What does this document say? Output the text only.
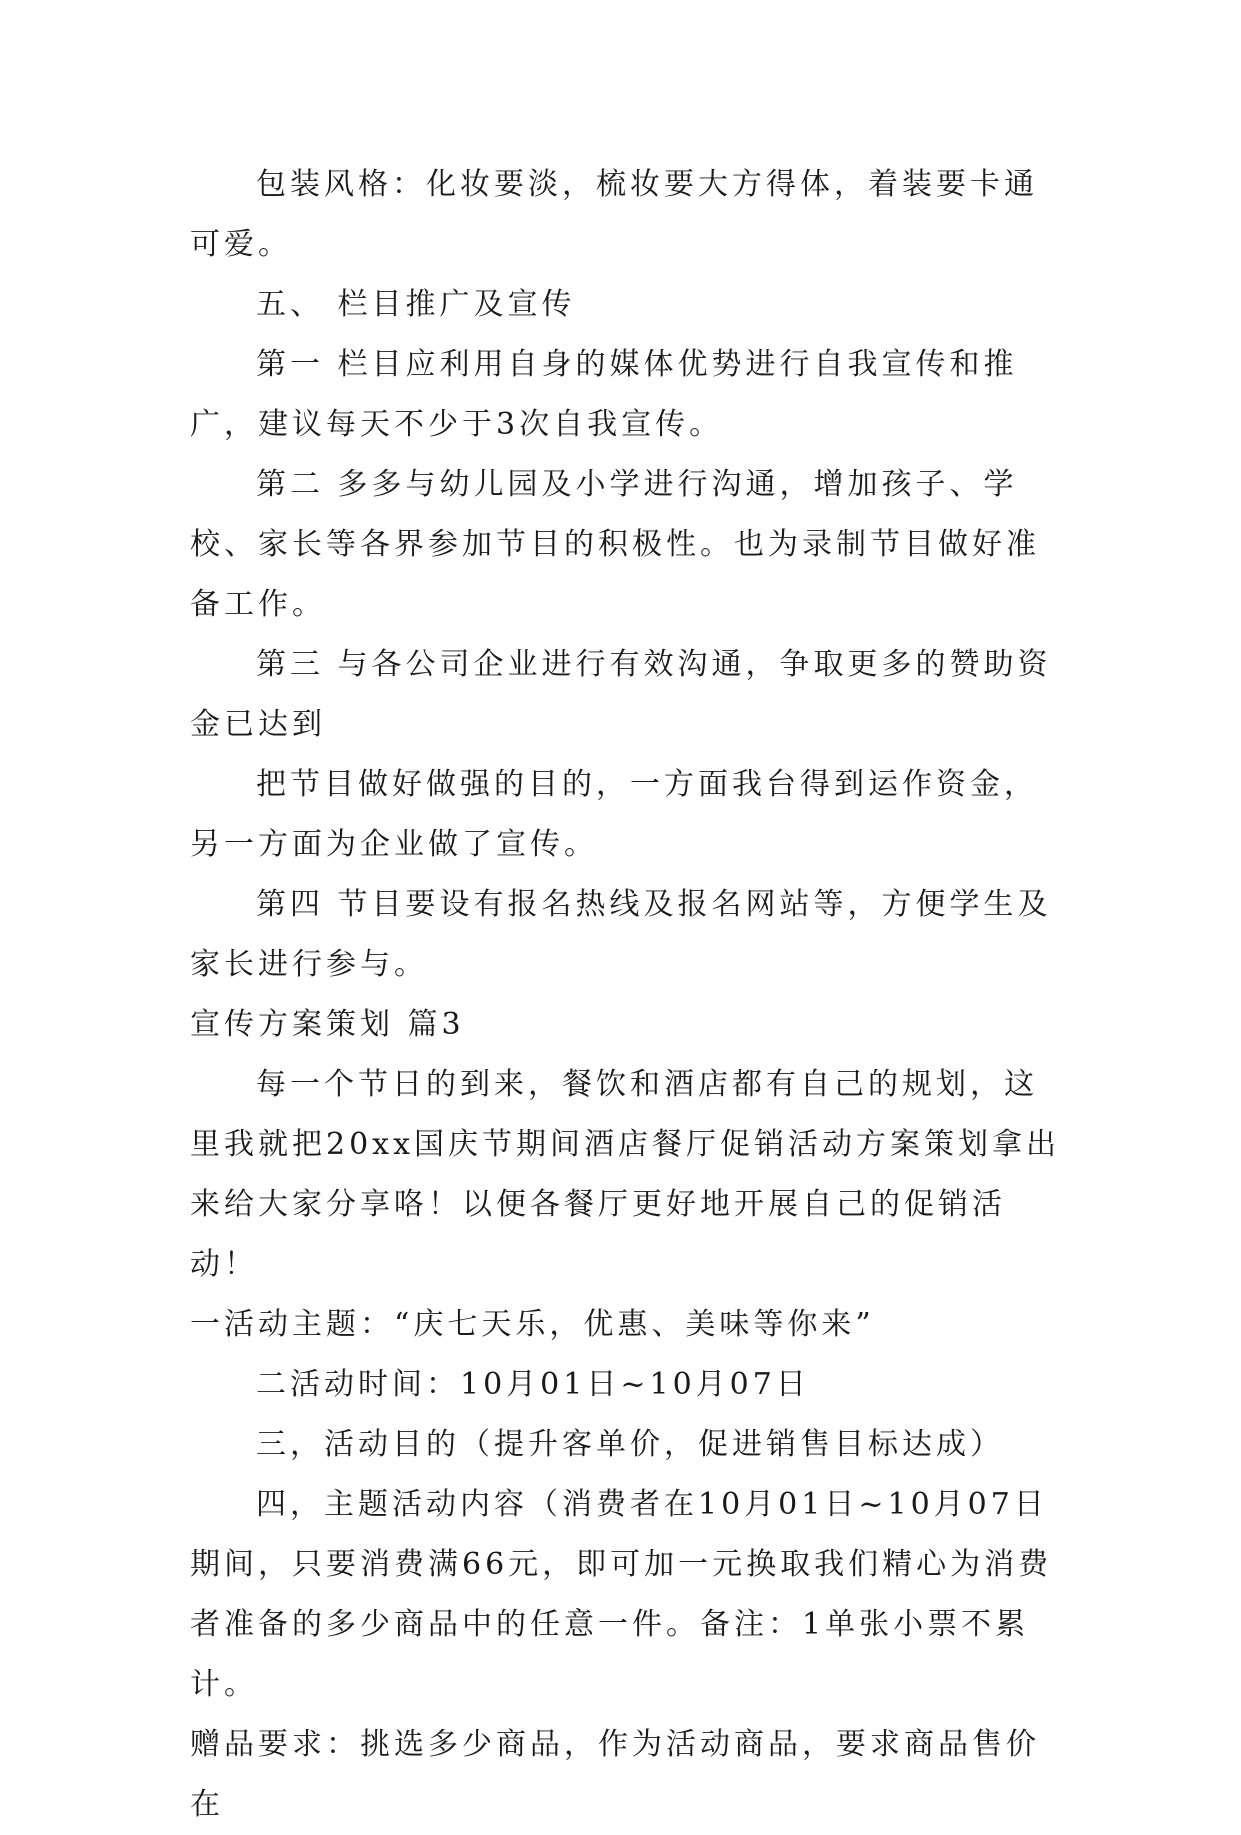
包装风格：化妆要淡，梳妆要大方得体，着装要卡通可爱。

五、 栏目推广及宣传

第一 栏目应利用自身的媒体优势进行自我宣传和推广，建议每天不少于3次自我宣传。

第二 多多与幼儿园及小学进行沟通，增加孩子、学校、家长等各界参加节目的积极性。也为录制节目做好准备工作。

第三 与各公司企业进行有效沟通，争取更多的赞助资金已达到

把节目做好做强的目的，一方面我台得到运作资金，另一方面为企业做了宣传。

第四 节目要设有报名热线及报名网站等，方便学生及家长进行参与。

宣传方案策划 篇3

每一个节日的到来，餐饮和酒店都有自己的规划，这里我就把20xx国庆节期间酒店餐厅促销活动方案策划拿出来给大家分享咯！以便各餐厅更好地开展自己的促销活动！

一活动主题：“庆七天乐，优惠、美味等你来”

二活动时间：10月01日~10月07日

三，活动目的（提升客单价，促进销售目标达成）

四，主题活动内容（消费者在10月01日~10月07日期间，只要消费满66元，即可加一元换取我们精心为消费者准备的多少商品中的任意一件。备注：1单张小票不累计。

赠品要求：挑选多少商品，作为活动商品，要求商品售价在
